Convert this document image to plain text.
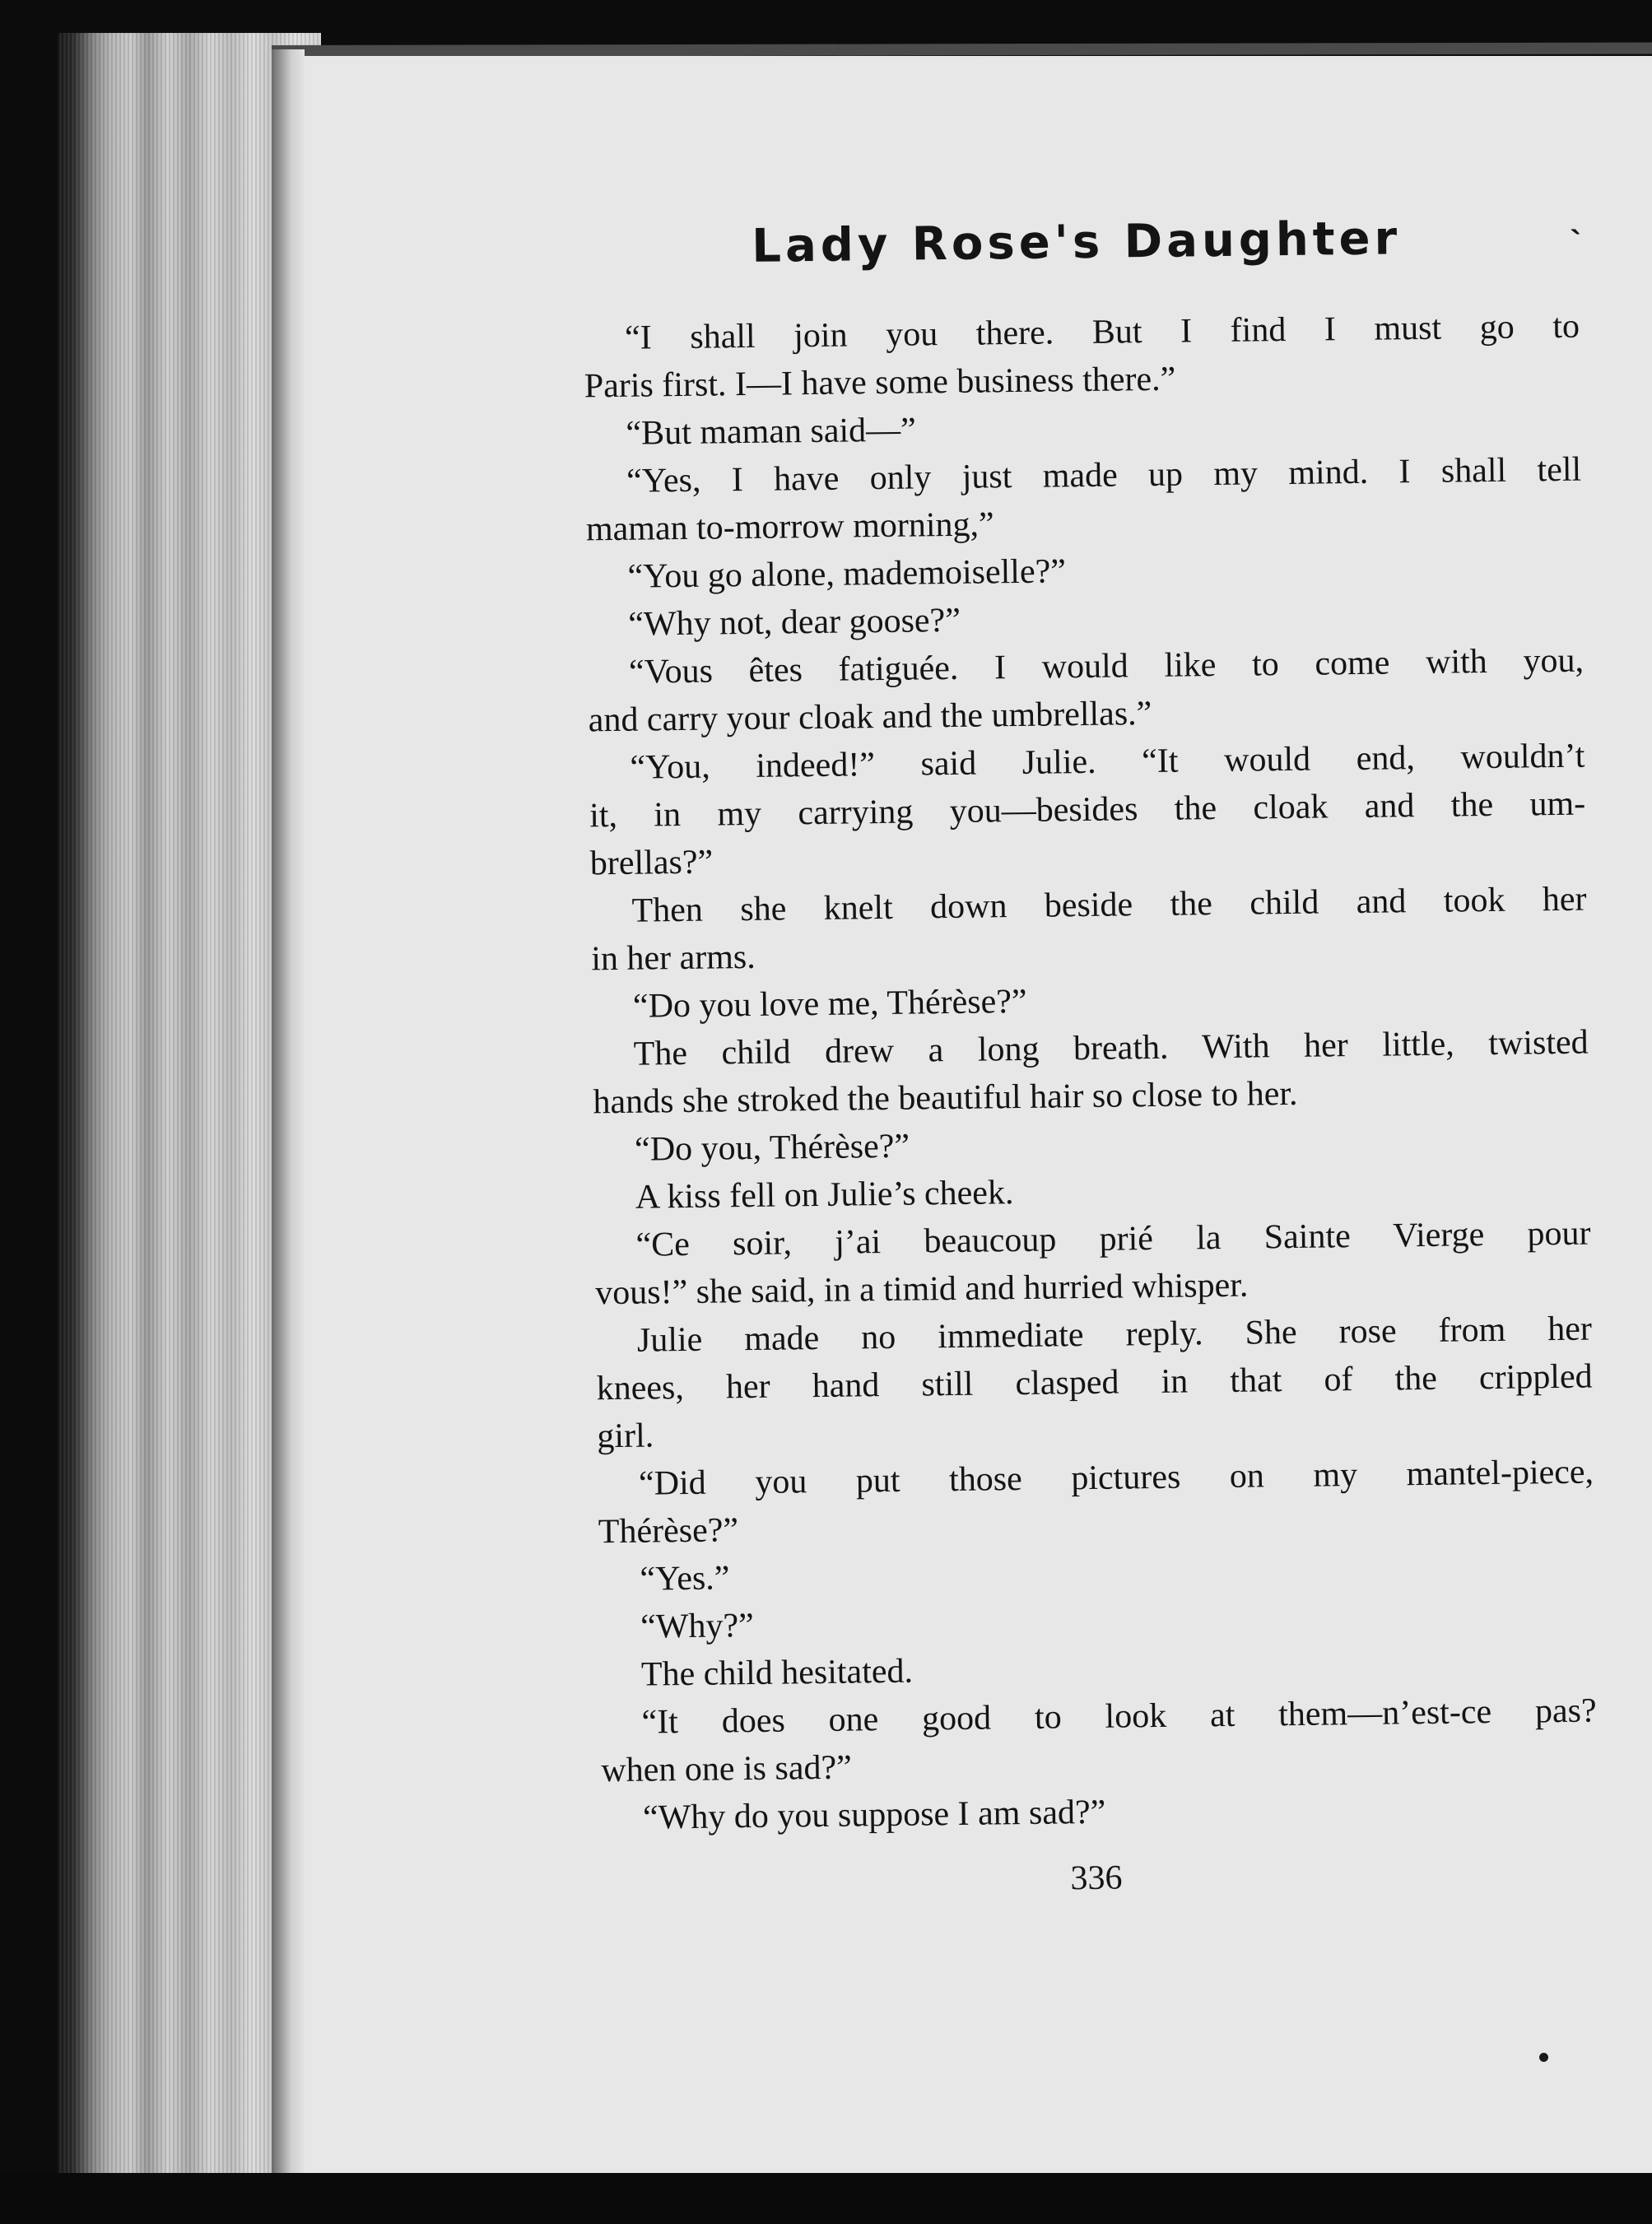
Lady Rose's Daughter	`
“I shall join you there. But I find I must go to
Paris first. I—I have some business there.”
“But maman said—”
“Yes, I have only just made up my mind. I shall tell
maman to-morrow morning,”
“You go alone, mademoiselle?”
“Why not, dear goose?”
“Vous êtes fatiguée. I would like to come with you,
and carry your cloak and the umbrellas.”
“You, indeed!” said Julie. “It would end, wouldn’t
it, in my carrying you—besides the cloak and the um-
brellas?”
Then she knelt down beside the child and took her
in her arms.
“Do you love me, Thérèse?”
The child drew a long breath. With her little, twisted
hands she stroked the beautiful hair so close to her.
“Do you, Thérèse?”
A kiss fell on Julie’s cheek.
“Ce soir, j’ai beaucoup prié la Sainte Vierge pour
vous!” she said, in a timid and hurried whisper.
Julie made no immediate reply. She rose from her
knees, her hand still clasped in that of the crippled
girl.
“Did you put those pictures on my mantel-piece,
Thérèse?”
“Yes.”
“Why?”
The child hesitated.
“It does one good to look at them—n’est-ce pas?
when one is sad?”
“Why do you suppose I am sad?”
336
